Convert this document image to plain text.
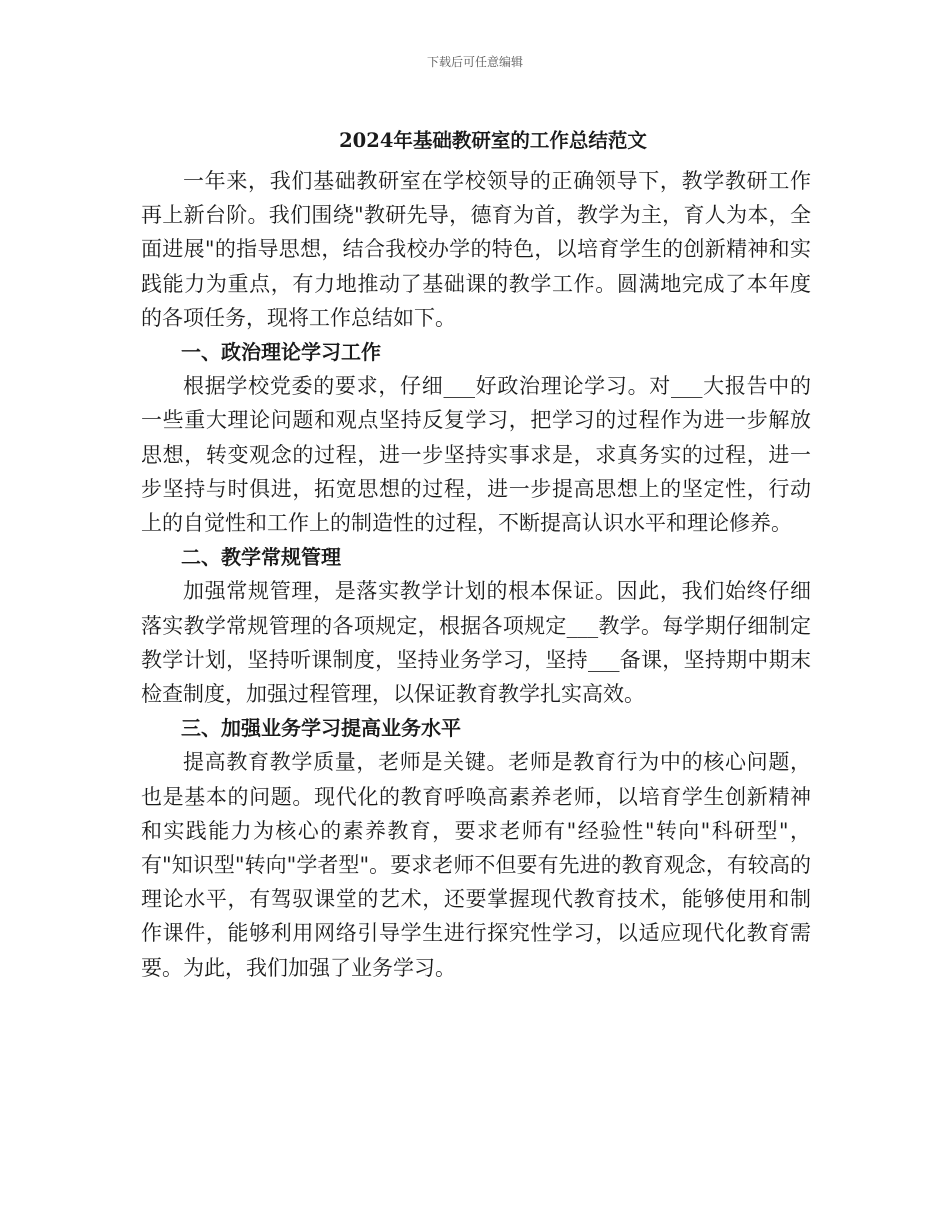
下载后可任意编辑
2024年基础教研室的工作总结范文

一年来，我们基础教研室在学校领导的正确领导下，教学教研工作再上新台阶。我们围绕"教研先导，德育为首，教学为主，育人为本，全面进展"的指导思想，结合我校办学的特色，以培育学生的创新精神和实践能力为重点，有力地推动了基础课的教学工作。圆满地完成了本年度的各项任务，现将工作总结如下。

一、政治理论学习工作

根据学校党委的要求，仔细___好政治理论学习。对___大报告中的一些重大理论问题和观点坚持反复学习，把学习的过程作为进一步解放思想，转变观念的过程，进一步坚持实事求是，求真务实的过程，进一步坚持与时俱进，拓宽思想的过程，进一步提高思想上的坚定性，行动上的自觉性和工作上的制造性的过程，不断提高认识水平和理论修养。

二、教学常规管理

加强常规管理，是落实教学计划的根本保证。因此，我们始终仔细落实教学常规管理的各项规定，根据各项规定___教学。每学期仔细制定教学计划，坚持听课制度，坚持业务学习，坚持___备课，坚持期中期末检查制度，加强过程管理，以保证教育教学扎实高效。

三、加强业务学习提高业务水平

提高教育教学质量，老师是关键。老师是教育行为中的核心问题，也是基本的问题。现代化的教育呼唤高素养老师，以培育学生创新精神和实践能力为核心的素养教育，要求老师有"经验性"转向"科研型"，有"知识型"转向"学者型"。要求老师不但要有先进的教育观念，有较高的理论水平，有驾驭课堂的艺术，还要掌握现代教育技术，能够使用和制作课件，能够利用网络引导学生进行探究性学习，以适应现代化教育需要。为此，我们加强了业务学习。
